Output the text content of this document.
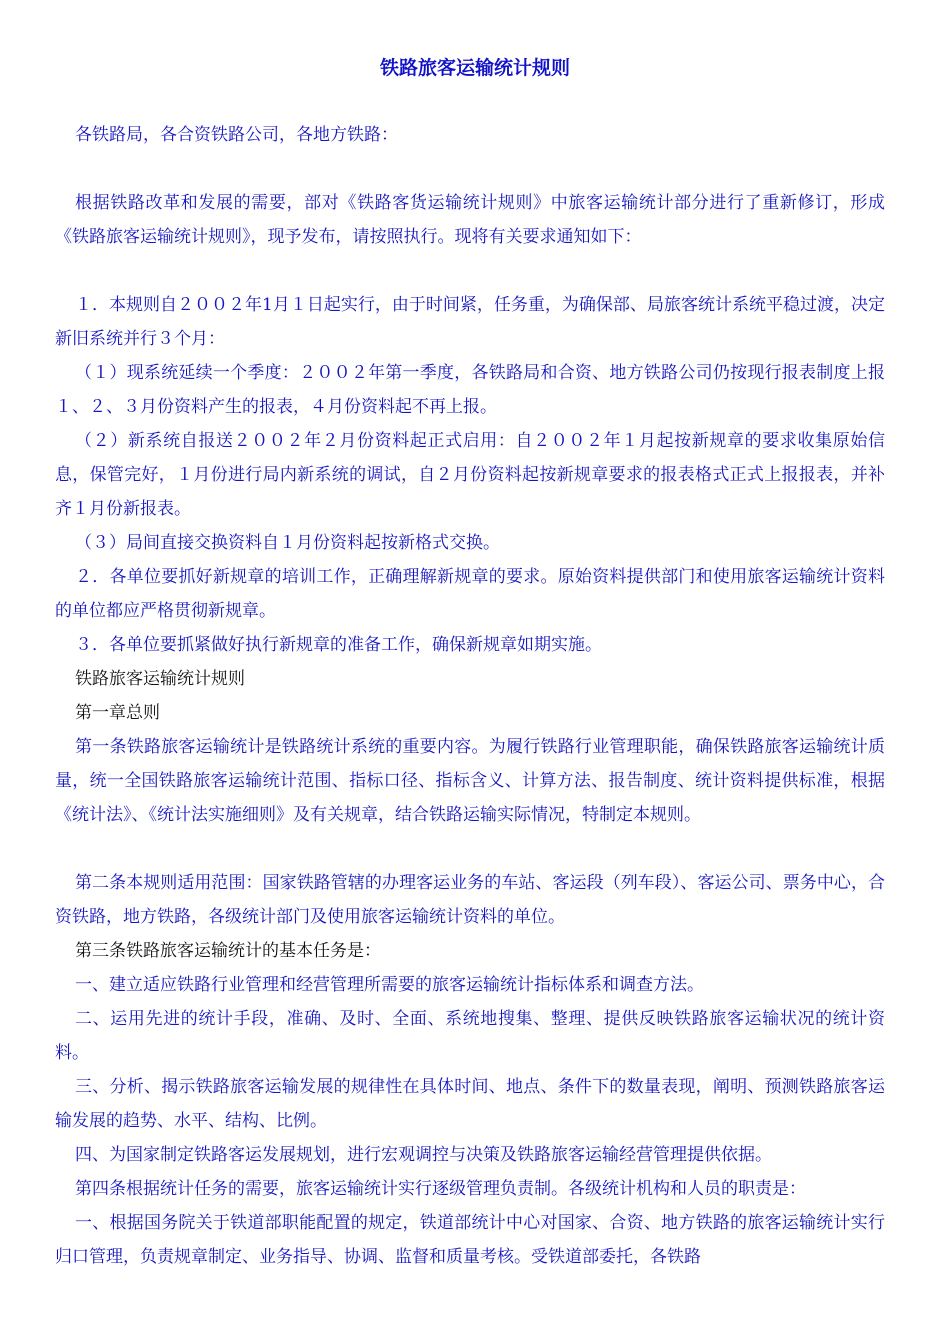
铁路旅客运输统计规则
各铁路局，各合资铁路公司，各地方铁路：
根据铁路改革和发展的需要，部对《铁路客货运输统计规则》中旅客运输统计部分进行了重新修订，形成《铁路旅客运输统计规则》，现予发布，请按照执行。现将有关要求通知如下：
１．本规则自２００２年1月１日起实行，由于时间紧，任务重，为确保部、局旅客统计系统平稳过渡，决定新旧系统并行３个月：
（１）现系统延续一个季度：２００２年第一季度，各铁路局和合资、地方铁路公司仍按现行报表制度上报１、２、３月份资料产生的报表，４月份资料起不再上报。
（２）新系统自报送２００２年２月份资料起正式启用：自２００２年１月起按新规章的要求收集原始信息，保管完好，１月份进行局内新系统的调试，自２月份资料起按新规章要求的报表格式正式上报报表，并补齐１月份新报表。
（３）局间直接交换资料自１月份资料起按新格式交换。
２．各单位要抓好新规章的培训工作，正确理解新规章的要求。原始资料提供部门和使用旅客运输统计资料的单位都应严格贯彻新规章。
３．各单位要抓紧做好执行新规章的准备工作，确保新规章如期实施。
铁路旅客运输统计规则
第一章总则
第一条铁路旅客运输统计是铁路统计系统的重要内容。为履行铁路行业管理职能，确保铁路旅客运输统计质量，统一全国铁路旅客运输统计范围、指标口径、指标含义、计算方法、报告制度、统计资料提供标准，根据《统计法》、《统计法实施细则》及有关规章，结合铁路运输实际情况，特制定本规则。
第二条本规则适用范围：国家铁路管辖的办理客运业务的车站、客运段（列车段）、客运公司、票务中心，合资铁路，地方铁路，各级统计部门及使用旅客运输统计资料的单位。
第三条铁路旅客运输统计的基本任务是：
一、建立适应铁路行业管理和经营管理所需要的旅客运输统计指标体系和调查方法。
二、运用先进的统计手段，准确、及时、全面、系统地搜集、整理、提供反映铁路旅客运输状况的统计资料。
三、分析、揭示铁路旅客运输发展的规律性在具体时间、地点、条件下的数量表现，阐明、预测铁路旅客运输发展的趋势、水平、结构、比例。
四、为国家制定铁路客运发展规划，进行宏观调控与决策及铁路旅客运输经营管理提供依据。
第四条根据统计任务的需要，旅客运输统计实行逐级管理负责制。各级统计机构和人员的职责是：
一、根据国务院关于铁道部职能配置的规定，铁道部统计中心对国家、合资、地方铁路的旅客运输统计实行归口管理，负责规章制定、业务指导、协调、监督和质量考核。受铁道部委托，各铁路
